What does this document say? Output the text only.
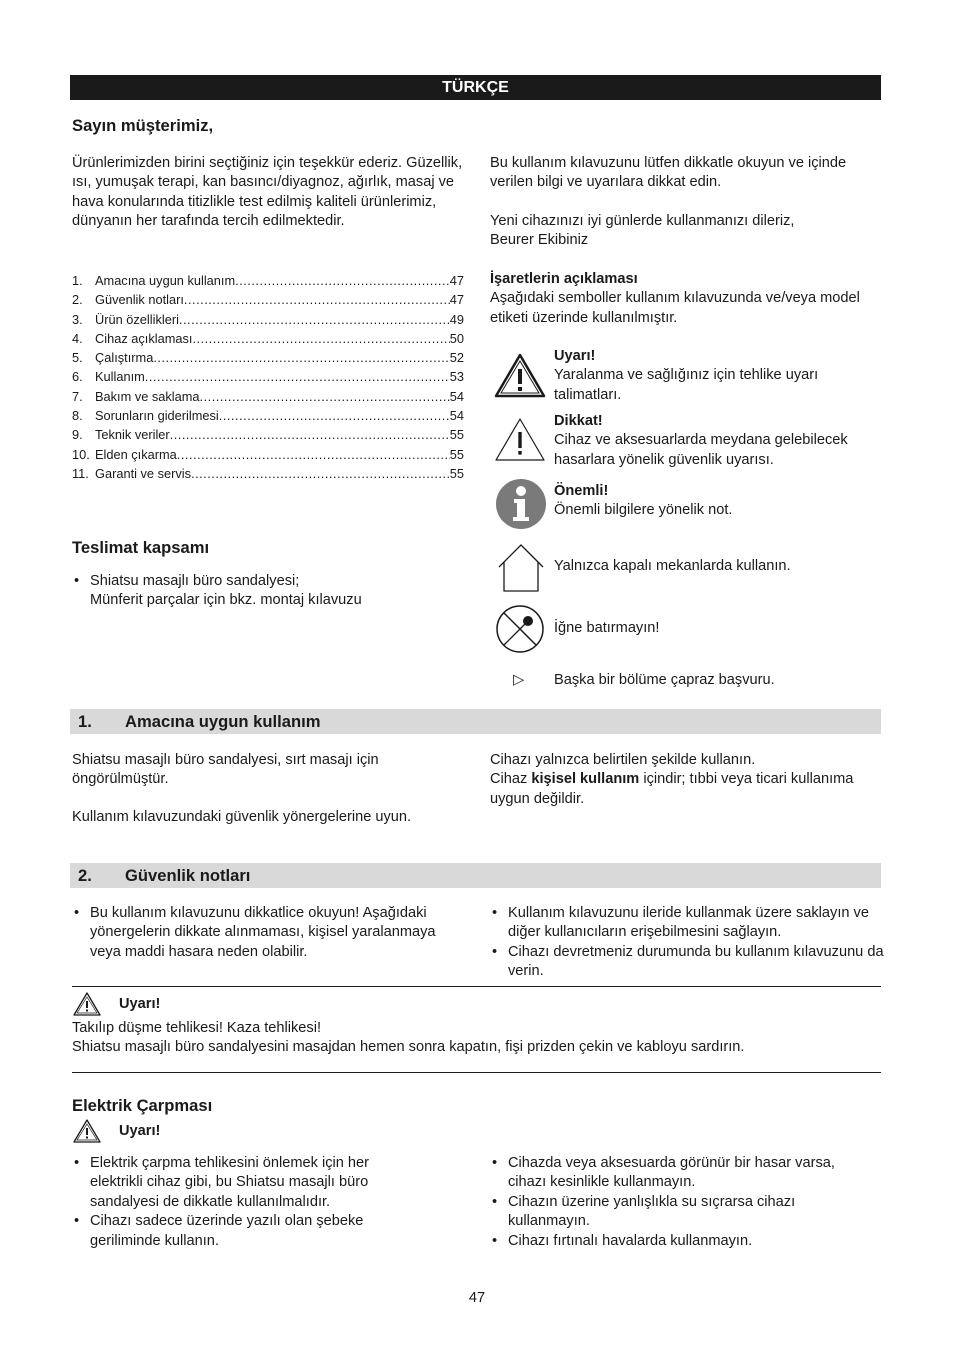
TÜRKÇE
Sayın müşterimiz,

Ürünlerimizden birini seçtiğiniz için teşekkür ederiz. Güzellik, ısı, yumuşak terapi, kan basıncı/diyagnoz, ağırlık, masaj ve hava konularında titizlikle test edilmiş kaliteli ürünlerimiz, dünyanın her tarafında tercih edilmektedir.

Bu kullanım kılavuzunu lütfen dikkatle okuyun ve içinde verilen bilgi ve uyarılara dikkat edin.

Yeni cihazınızı iyi günlerde kullanmanızı dileriz,
Beurer Ekibiniz

1. Amacına uygun kullanım .....	47
2. Güvenlik notları .....	47
3. Ürün özellikleri .....	49
4. Cihaz açıklaması .....	50
5. Çalıştırma .....	52
6. Kullanım .....	53
7. Bakım ve saklama .....	54
8. Sorunların giderilmesi .....	54
9. Teknik veriler .....	55
10. Elden çıkarma .....	55
11. Garanti ve servis .....	55
Teslimat kapsamı
• Shiatsu masajlı büro sandalyesi;
Münferit parçalar için bkz. montaj kılavuzu

İşaretlerin açıklaması
Aşağıdaki semboller kullanım kılavuzunda ve/veya model etiketi üzerinde kullanılmıştır.

Uyarı!
Yaralanma ve sağlığınız için tehlike uyarı talimatları.
Dikkat!
Cihaz ve aksesuarlarda meydana gelebilecek hasarlara yönelik güvenlik uyarısı.
Önemli!
Önemli bilgilere yönelik not.
Yalnızca kapalı mekanlarda kullanın.
İğne batırmayın!
▷ Başka bir bölüme çapraz başvuru.
1. Amacına uygun kullanım

Shiatsu masajlı büro sandalyesi, sırt masajı için öngörülmüştür.

Kullanım kılavuzundaki güvenlik yönergelerine uyun.

Cihazı yalnızca belirtilen şekilde kullanın.
Cihaz kişisel kullanım içindir; tıbbi veya ticari kullanıma uygun değildir.

2. Güvenlik notları
• Bu kullanım kılavuzunu dikkatlice okuyun! Aşağıdaki yönergelerin dikkate alınmaması, kişisel yaralanmaya veya maddi hasara neden olabilir.
• Kullanım kılavuzunu ileride kullanmak üzere saklayın ve diğer kullanıcıların erişebilmesini sağlayın.
• Cihazı devretmeniz durumunda bu kullanım kılavuzunu da verin.
Uyarı!

Takılıp düşme tehlikesi! Kaza tehlikesi!
Shiatsu masajlı büro sandalyesini masajdan hemen sonra kapatın, fişi prizden çekin ve kabloyu sardırın.

Elektrik Çarpması
Uyarı!
• Elektrik çarpma tehlikesini önlemek için her elektrikli cihaz gibi, bu Shiatsu masajlı büro sandalyesi de dikkatle kullanılmalıdır.
• Cihazı sadece üzerinde yazılı olan şebeke geriliminde kullanın.
• Cihazda veya aksesuarda görünür bir hasar varsa, cihazı kesinlikle kullanmayın.
• Cihazın üzerine yanlışlıkla su sıçrarsa cihazı kullanmayın.
• Cihazı fırtınalı havalarda kullanmayın.
47
